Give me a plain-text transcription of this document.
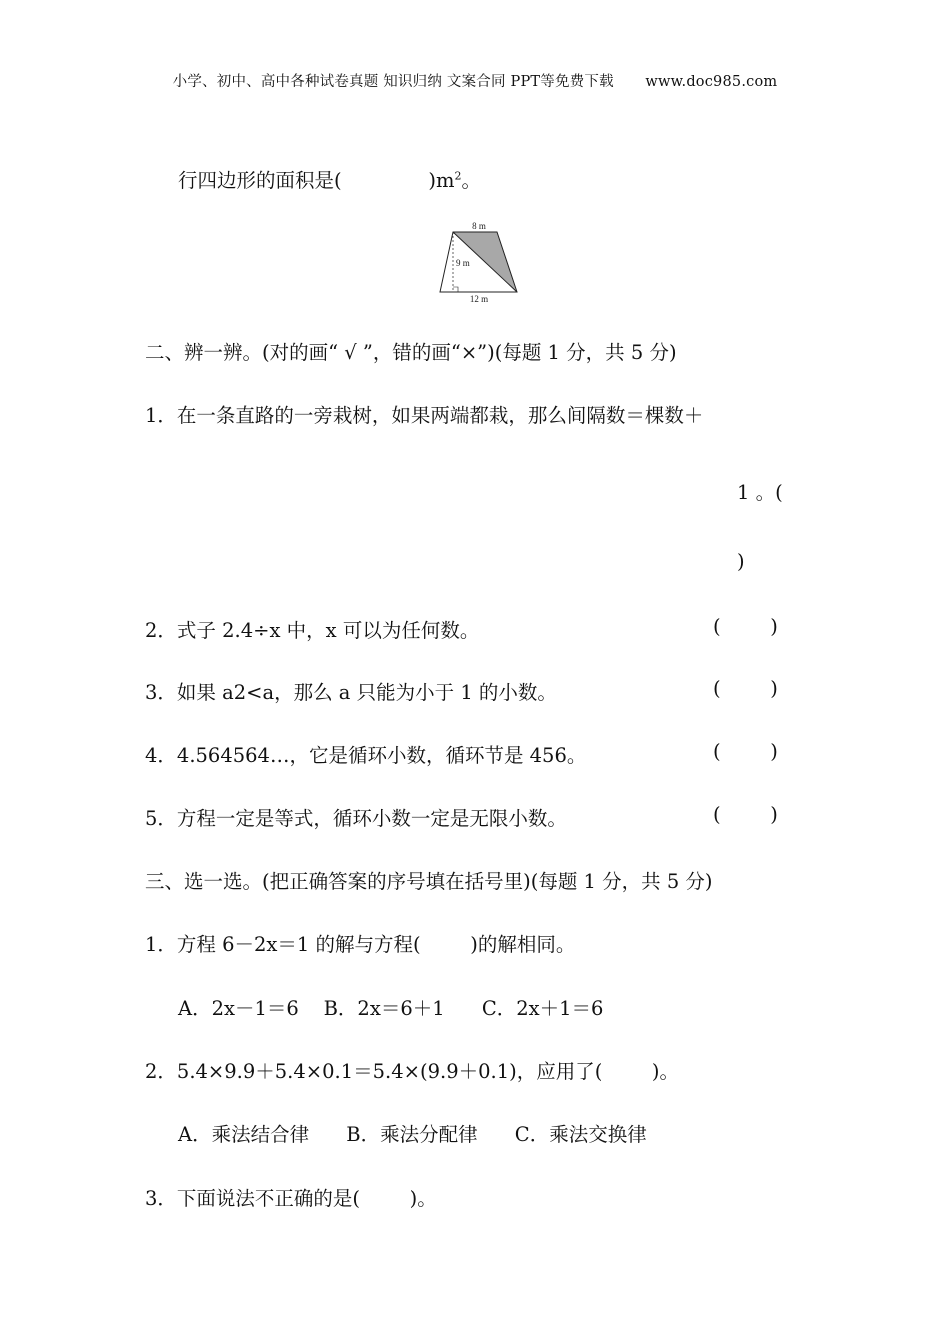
小学、初中、高中各种试卷真题 知识归纳 文案合同 PPT等免费下载 www.doc985.com
行四边形的面积是(	)$m^2$。
8 m
9 m
12 m
二、辨一辨。(对的画“ √ ”，错的画“×”)(每题 1 分，共 5 分)
1．在一条直路的一旁栽树，如果两端都栽，那么间隔数＝棵数＋
1 。(
)
2．式子 2.4÷x 中，x 可以为任何数。	(        )
3．如果 a2<a，那么 a 只能为小于 1 的小数。	(        )
4．4.564564…，它是循环小数，循环节是 456。	(        )
5．方程一定是等式，循环小数一定是无限小数。	(        )
三、选一选。(把正确答案的序号填在括号里)(每题 1 分，共 5 分)
1．方程 6－2x＝1 的解与方程(        )的解相同。
A．2x－1＝6    B．2x＝6＋1      C．2x＋1＝6
2．5.4×9.9＋5.4×0.1＝5.4×(9.9＋0.1)，应用了(        )。
A．乘法结合律      B．乘法分配律      C．乘法交换律
3．下面说法不正确的是(        )。
